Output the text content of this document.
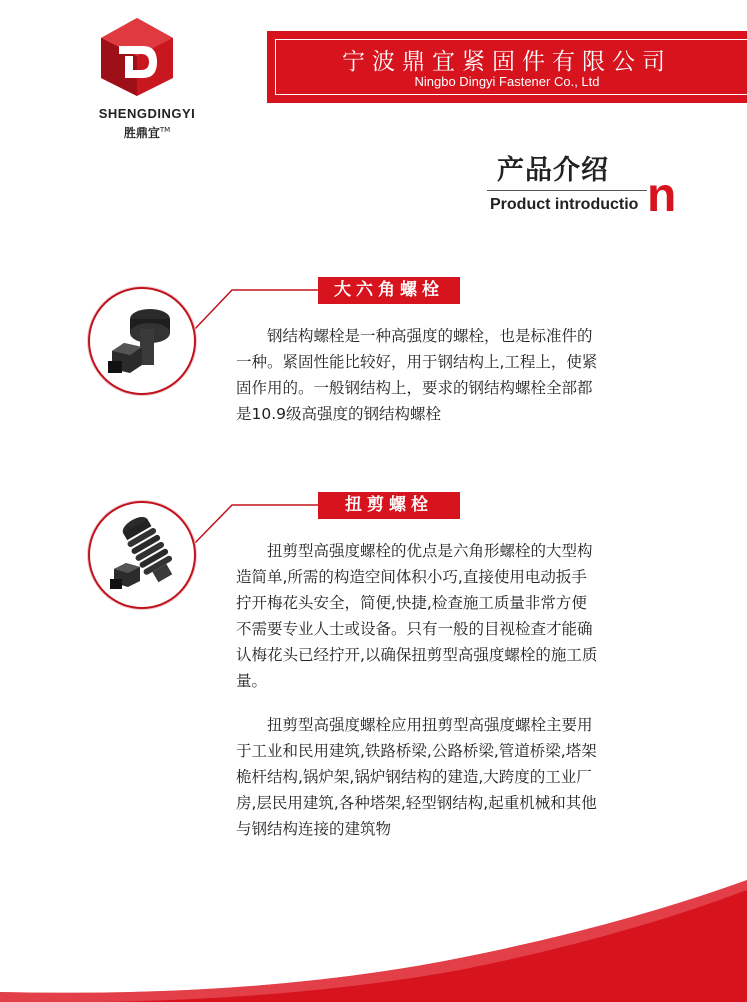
SHENGDINGYI
胜鼎宜™
宁波鼎宜紧固件有限公司
Ningbo Dingyi Fastener Co., Ltd
产品介绍
Product introductio n
大六角螺栓

钢结构螺栓是一种高强度的螺栓，也是标准件的一种。紧固性能比较好，用于钢结构上,工程上，使紧固作用的。一般钢结构上，要求的钢结构螺栓全部都是10.9级高强度的钢结构螺栓

扭剪螺栓

扭剪型高强度螺栓的优点是六角形螺栓的大型构造简单,所需的构造空间体积小巧,直接使用电动扳手拧开梅花头安全，简便,快捷,检查施工质量非常方便不需要专业人士或设备。只有一般的目视检查才能确认梅花头已经拧开,以确保扭剪型高强度螺栓的施工质量。

扭剪型高强度螺栓应用扭剪型高强度螺栓主要用于工业和民用建筑,铁路桥梁,公路桥梁,管道桥梁,塔架桅杆结构,锅炉架,锅炉钢结构的建造,大跨度的工业厂房,层民用建筑,各种塔架,轻型钢结构,起重机械和其他与钢结构连接的建筑物
